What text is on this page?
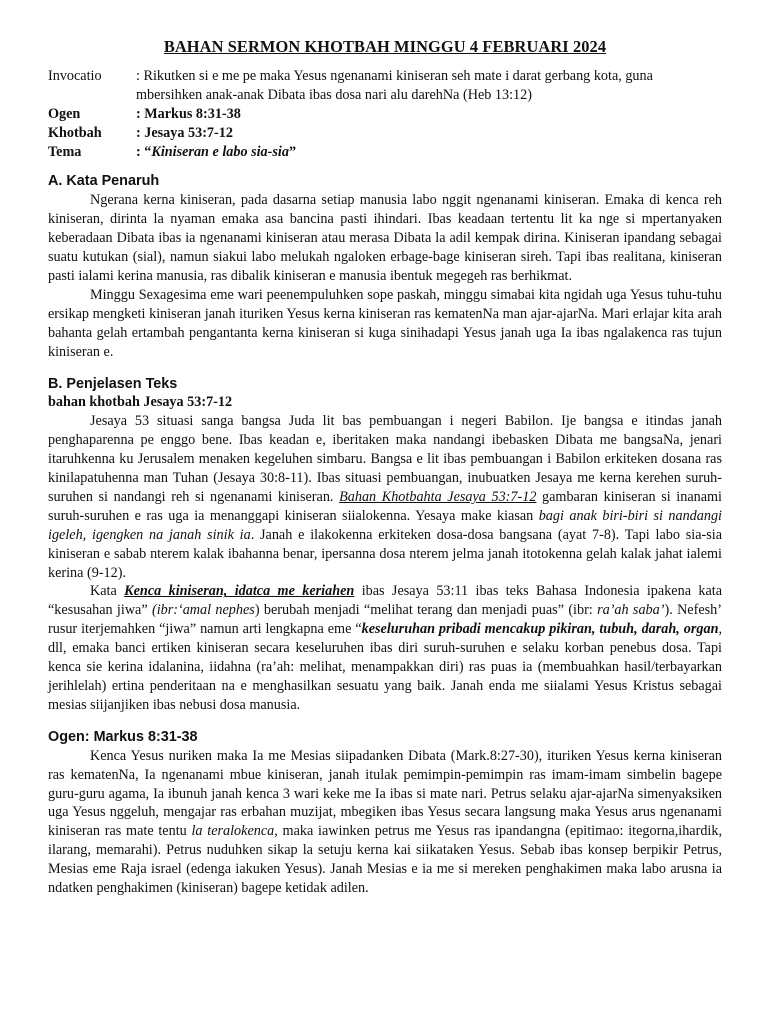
BAHAN SERMON KHOTBAH MINGGU 4 FEBRUARI 2024
Invocatio	: Rikutken si e me pe maka Yesus ngenanami kiniseran seh mate i darat gerbang kota, guna mbersihken anak-anak Dibata ibas dosa nari alu darehNa (Heb 13:12)
Ogen	: Markus 8:31-38
Khotbah	: Jesaya 53:7-12
Tema	: “Kiniseran e labo sia-sia”
A. Kata Penaruh

Ngerana kerna kiniseran, pada dasarna setiap manusia labo nggit ngenanami kiniseran. Emaka di kenca reh kiniseran, dirinta la nyaman emaka asa bancina pasti ihindari. Ibas keadaan tertentu lit ka nge si mpertanyaken keberadaan Dibata ibas ia ngenanami kiniseran atau merasa Dibata la adil kempak dirina. Kiniseran ipandang sebagai suatu kutukan (sial), namun siakui labo melukah ngaloken erbage-bage kiniseran sireh. Tapi ibas realitana, kiniseran pasti ialami kerina manusia, ras dibalik kiniseran e manusia ibentuk megegeh ras berhikmat.

Minggu Sexagesima eme wari peenempuluhken sope paskah, minggu simabai kita ngidah uga Yesus tuhu-tuhu ersikap mengketi kiniseran janah ituriken Yesus kerna kiniseran ras kematenNa man ajar-ajarNa. Mari erlajar kita arah bahanta gelah ertambah pengantanta kerna kiniseran si kuga sinihadapi Yesus janah uga Ia ibas ngalakenca ras tujun kiniseran e.

B. Penjelasen Teks
bahan khotbah Jesaya 53:7-12

Jesaya 53 situasi sanga bangsa Juda lit bas pembuangan i negeri Babilon. Ije bangsa e itindas janah penghaparenna pe enggo bene. Ibas keadan e, iberitaken maka nandangi ibebasken Dibata me bangsaNa, jenari itaruhkenna ku Jerusalem menaken kegeluhen simbaru. Bangsa e lit ibas pembuangan i Babilon erkiteken dosana ras kinilapatuhenna man Tuhan (Jesaya 30:8-11). Ibas situasi pembuangan, inubuatken Jesaya me kerna kerehen suruh-suruhen si nandangi reh si ngenanami kiniseran. Bahan Khotbahta Jesaya 53:7-12 gambaran kiniseran si inanami suruh-suruhen e ras uga ia menanggapi kiniseran siialokenna. Yesaya make kiasan bagi anak biri-biri si nandangi igeleh, igengken na janah sinik ia. Janah e ilakokenna erkiteken dosa-dosa bangsana (ayat 7-8). Tapi labo sia-sia kiniseran e sabab nterem kalak ibahanna benar, ipersanna dosa nterem jelma janah itotokenna gelah kalak jahat ialemi kerina (9-12).

Kata Kenca kiniseran, idatca me keriahen ibas Jesaya 53:11 ibas teks Bahasa Indonesia ipakena kata “kesusahan jiwa” (ibr:‘amal nephes) berubah menjadi “melihat terang dan menjadi puas” (ibr: ra’ah saba’). Nefesh’ rusur iterjemahken “jiwa” namun arti lengkapna eme “keseluruhan pribadi mencakup pikiran, tubuh, darah, organ, dll, emaka banci ertiken kiniseran secara keseluruhen ibas diri suruh-suruhen e selaku korban penebus dosa. Tapi kenca sie kerina idalanina, iidahna (ra’ah: melihat, menampakkan diri) ras puas ia (membuahkan hasil/terbayarkan jerihlelah) ertina penderitaan na e menghasilkan sesuatu yang baik. Janah enda me siialami Yesus Kristus sebagai mesias siijanjiken ibas nebusi dosa manusia.

Ogen: Markus 8:31-38

Kenca Yesus nuriken maka Ia me Mesias siipadanken Dibata (Mark.8:27-30), ituriken Yesus kerna kiniseran ras kematenNa, Ia ngenanami mbue kiniseran, janah itulak pemimpin-pemimpin ras imam-imam simbelin bagepe guru-guru agama, Ia ibunuh janah kenca 3 wari keke me Ia ibas si mate nari. Petrus selaku ajar-ajarNa simenyaksiken uga Yesus nggeluh, mengajar ras erbahan muzijat, mbegiken ibas Yesus secara langsung maka Yesus arus ngenanami kiniseran ras mate tentu la teralokenca, maka iawinken petrus me Yesus ras ipandangna (epitimao: itegorna,ihardik, ilarang, memarahi). Petrus nuduhken sikap la setuju kerna kai siikataken Yesus. Sebab ibas konsep berpikir Petrus, Mesias eme Raja israel (edenga iakuken Yesus). Janah Mesias e ia me si mereken penghakimen maka labo arusna ia ndatken penghakimen (kiniseran) bagepe ketidak adilen.
